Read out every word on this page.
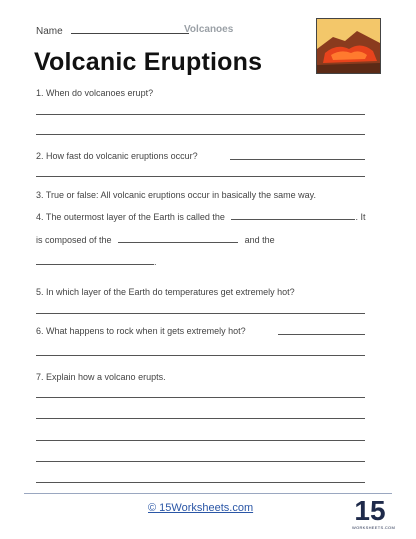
Name	Volcanoes
Volcanic Eruptions
1. When do volcanoes erupt?
2. How fast do volcanic eruptions occur?
3. True or false: All volcanic eruptions occur in basically the same way.
4. The outermost layer of the Earth is called the	. It
is composed of the	and the
.
5. In which layer of the Earth do temperatures get extremely hot?
6. What happens to rock when it gets extremely hot?
7. Explain how a volcano erupts.
© 15Worksheets.com	15
WORKSHEETS.COM
